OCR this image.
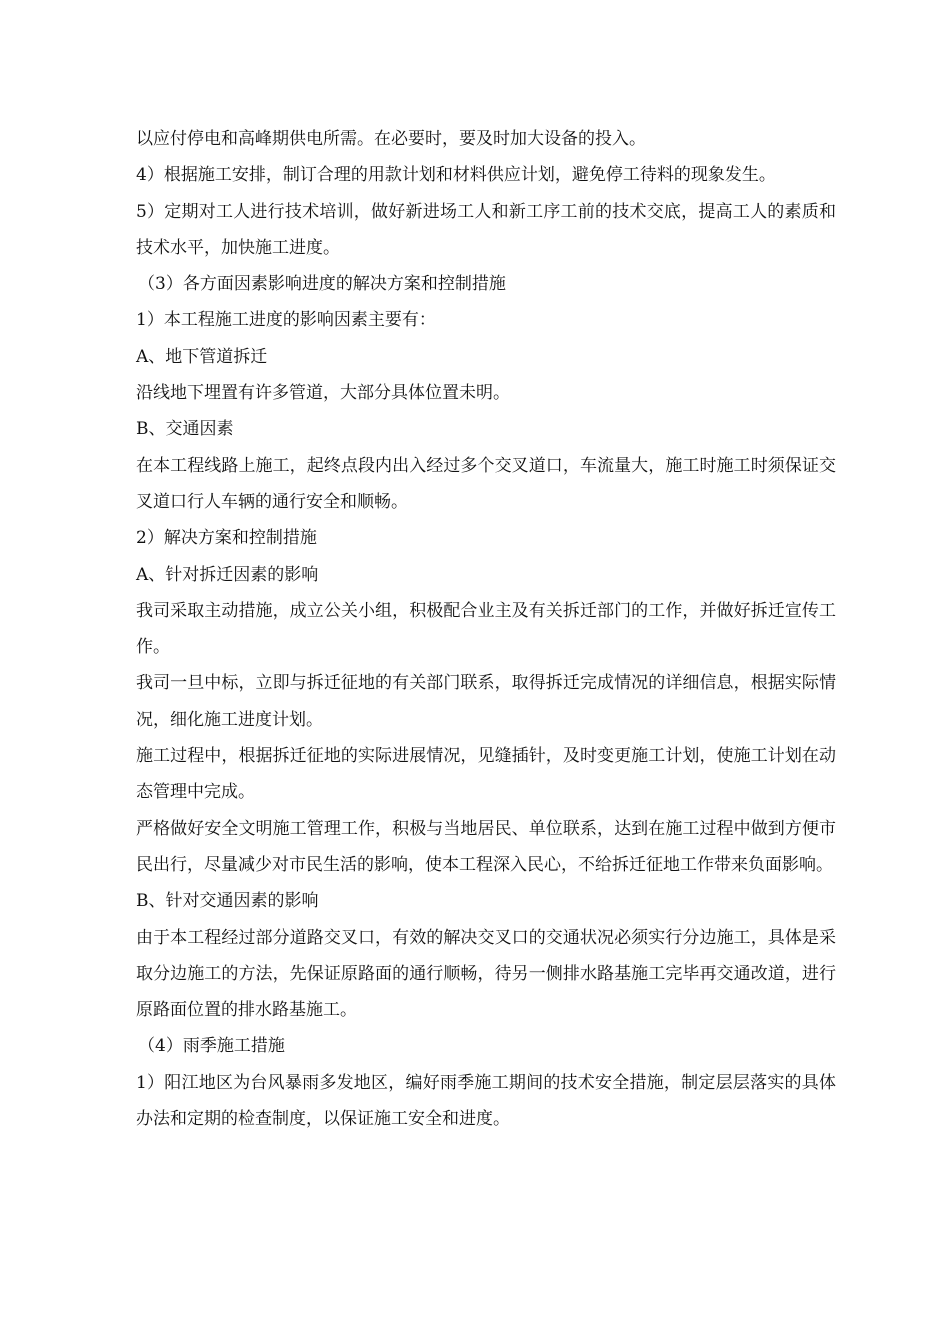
以应付停电和高峰期供电所需。在必要时，要及时加大设备的投入。

4）根据施工安排，制订合理的用款计划和材料供应计划，避免停工待料的现象发生。

5）定期对工人进行技术培训，做好新进场工人和新工序工前的技术交底，提高工人的素质和技术水平，加快施工进度。

（3）各方面因素影响进度的解决方案和控制措施

1）本工程施工进度的影响因素主要有：

A、地下管道拆迁

沿线地下埋置有许多管道，大部分具体位置未明。

B、交通因素

在本工程线路上施工，起终点段内出入经过多个交叉道口，车流量大，施工时施工时须保证交叉道口行人车辆的通行安全和顺畅。

2）解决方案和控制措施

A、针对拆迁因素的影响

我司采取主动措施，成立公关小组，积极配合业主及有关拆迁部门的工作，并做好拆迁宣传工作。

我司一旦中标，立即与拆迁征地的有关部门联系，取得拆迁完成情况的详细信息，根据实际情况，细化施工进度计划。

施工过程中，根据拆迁征地的实际进展情况，见缝插针，及时变更施工计划，使施工计划在动态管理中完成。

严格做好安全文明施工管理工作，积极与当地居民、单位联系，达到在施工过程中做到方便市民出行，尽量减少对市民生活的影响，使本工程深入民心，不给拆迁征地工作带来负面影响。

B、针对交通因素的影响

由于本工程经过部分道路交叉口，有效的解决交叉口的交通状况必须实行分边施工，具体是采取分边施工的方法，先保证原路面的通行顺畅，待另一侧排水路基施工完毕再交通改道，进行原路面位置的排水路基施工。

（4）雨季施工措施

1）阳江地区为台风暴雨多发地区，编好雨季施工期间的技术安全措施，制定层层落实的具体办法和定期的检查制度，以保证施工安全和进度。
